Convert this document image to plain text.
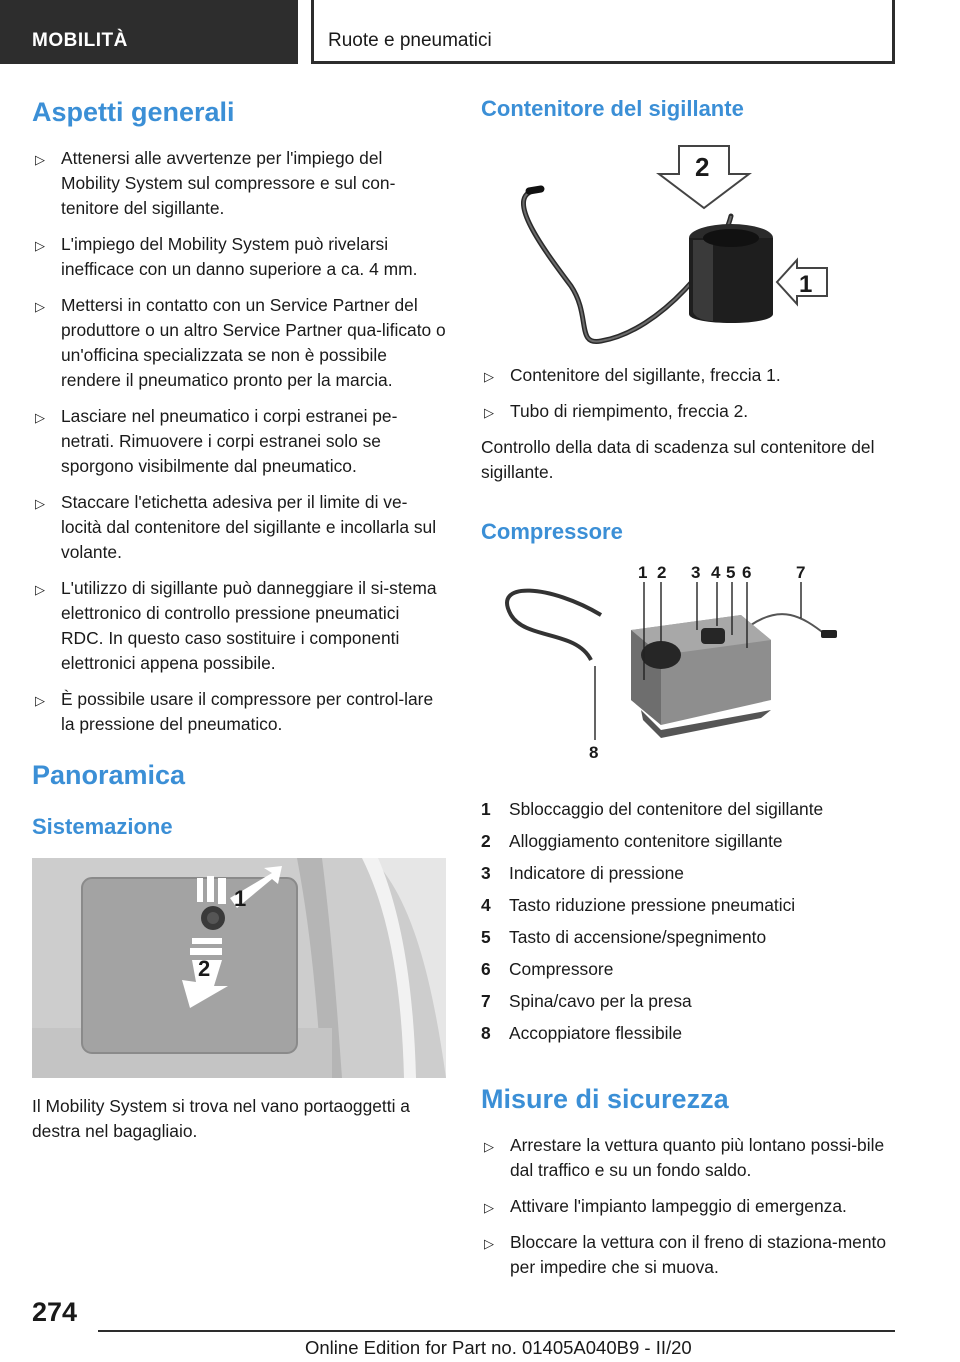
MOBILITÀ	Ruote e pneumatici
Aspetti generali
▷ Attenersi alle avvertenze per l'impiego del Mobility System sul compressore e sul con-tenitore del sigillante.
▷ L'impiego del Mobility System può rivelarsi inefficace con un danno superiore a ca. 4 mm.
▷ Mettersi in contatto con un Service Partner del produttore o un altro Service Partner qua-lificato o un'officina specializzata se non è possibile rendere il pneumatico pronto per la marcia.
▷ Lasciare nel pneumatico i corpi estranei pe-netrati. Rimuovere i corpi estranei solo se sporgono visibilmente dal pneumatico.
▷ Staccare l'etichetta adesiva per il limite di ve-locità dal contenitore del sigillante e incollarla sul volante.
▷ L'utilizzo di sigillante può danneggiare il si-stema elettronico di controllo pressione pneumatici RDC. In questo caso sostituire i componenti elettronici appena possibile.
▷ È possibile usare il compressore per control-lare la pressione del pneumatico.
Panoramica
Sistemazione
1
2

Il Mobility System si trova nel vano portaoggetti a destra nel bagagliaio.

Contenitore del sigillante
2
1
▷ Contenitore del sigillante, freccia 1.
▷ Tubo di riempimento, freccia 2.

Controllo della data di scadenza sul contenitore del sigillante.

Compressore
1 2 3 4 5 6	7
8
1	Sbloccaggio del contenitore del sigillante
2	Alloggiamento contenitore sigillante
3	Indicatore di pressione
4	Tasto riduzione pressione pneumatici
5	Tasto di accensione/spegnimento
6	Compressore
7	Spina/cavo per la presa
8	Accoppiatore flessibile
Misure di sicurezza
▷ Arrestare la vettura quanto più lontano possi-bile dal traffico e su un fondo saldo.
▷ Attivare l'impianto lampeggio di emergenza.
▷ Bloccare la vettura con il freno di staziona-mento per impedire che si muova.
274
Online Edition for Part no. 01405A040B9 - II/20
